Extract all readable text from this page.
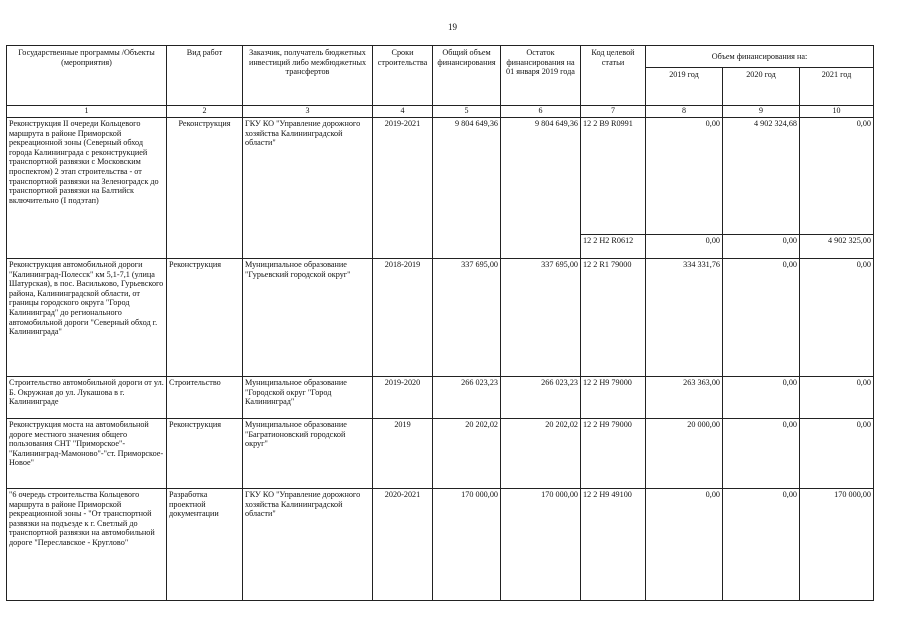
19
Государственные программы /Объекты (мероприятия)	Вид работ	Заказчик, получатель бюджетных инвестиций либо межбюджетных трансфертов	Сроки строительства	Общий объем финансирования	Остаток финансирования на 01 января 2019 года	Код целевой статьи	Объем финансирования на:		
							2019 год	2020 год	2021 год
1	2	3	4	5	6	7	8	9	10
Реконструкция II очереди Кольцевого маршрута в районе Приморской рекреационной зоны (Северный обход города Калининграда с реконструкцией транспортной развязки с Московским проспектом) 2 этап строительства - от транспортной развязки на Зеленоградск до транспортной развязки на Балтийск включительно (I подэтап)	Реконструкция	ГКУ КО "Управление дорожного хозяйства Калининградской области"	2019-2021	9 804 649,36	9 804 649,36	12 2 B9 R0991	0,00	4 902 324,68	0,00
						12 2 H2 R0612	0,00	0,00	4 902 325,00
Реконструкция автомобильной дороги "Калининград-Полесск" км 5,1-7,1 (улица Шатурская), в пос. Васильково, Гурьевского района, Калининградской области, от границы городского округа "Город Калининград" до регионального автомобильной дороги "Северный обход г. Калининграда"	Реконструкция	Муниципальное образование "Гурьевский городской округ"	2018-2019	337 695,00	337 695,00	12 2 R1 79000	334 331,76	0,00	0,00
Строительство автомобильной дороги от ул. Б. Окружная до ул. Лукашова в г. Калининграде	Строительство	Муниципальное образование "Городской округ "Город Калининград"	2019-2020	266 023,23	266 023,23	12 2 H9 79000	263 363,00	0,00	0,00
Реконструкция моста на автомобильной дороге местного значения общего пользования СНТ "Приморское"-"Калининград-Мамоново"-"ст. Приморское-Новое"	Реконструкция	Муниципальное образование "Багратионовский городской округ"	2019	20 202,02	20 202,02	12 2 H9 79000	20 000,00	0,00	0,00
"6 очередь строительства Кольцевого маршрута в районе Приморской рекреационной зоны - "От транспортной развязки на подъезде к г. Светлый до транспортной развязки на автомобильной дороге "Переславское - Кругловo"	Разработка проектной документации	ГКУ КО "Управление дорожного хозяйства Калининградской области"	2020-2021	170 000,00	170 000,00	12 2 H9 49100	0,00	0,00	170 000,00
